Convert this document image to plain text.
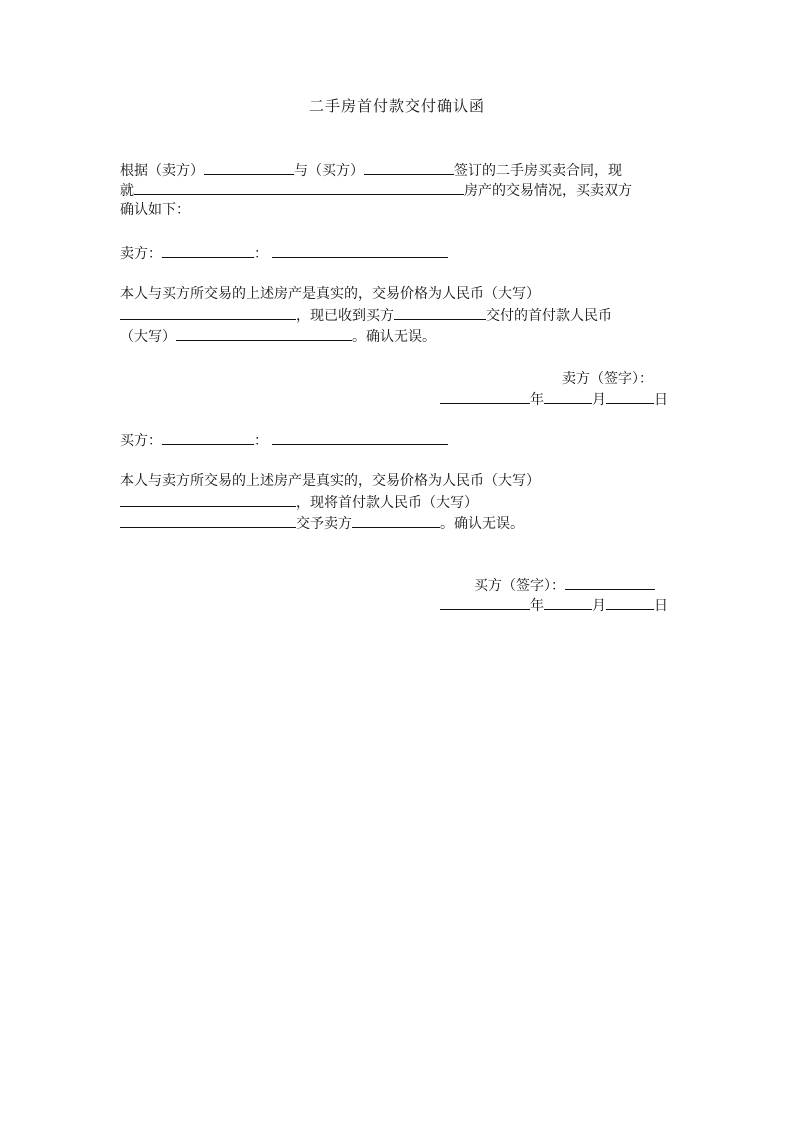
二手房首付款交付确认函
根据（卖方）	与（买方）	签订的二手房买卖合同，现
就	房产的交易情况，买卖双方
确认如下：
卖方：	：
本人与买方所交易的上述房产是真实的，交易价格为人民币（大写）
，现已收到买方	交付的首付款人民币
（大写）	。确认无误。
卖方（签字）：
年	月	日
买方：	：
本人与卖方所交易的上述房产是真实的，交易价格为人民币（大写）
，现将首付款人民币（大写）
交予卖方	。确认无误。
买方（签字）：
年	月	日
